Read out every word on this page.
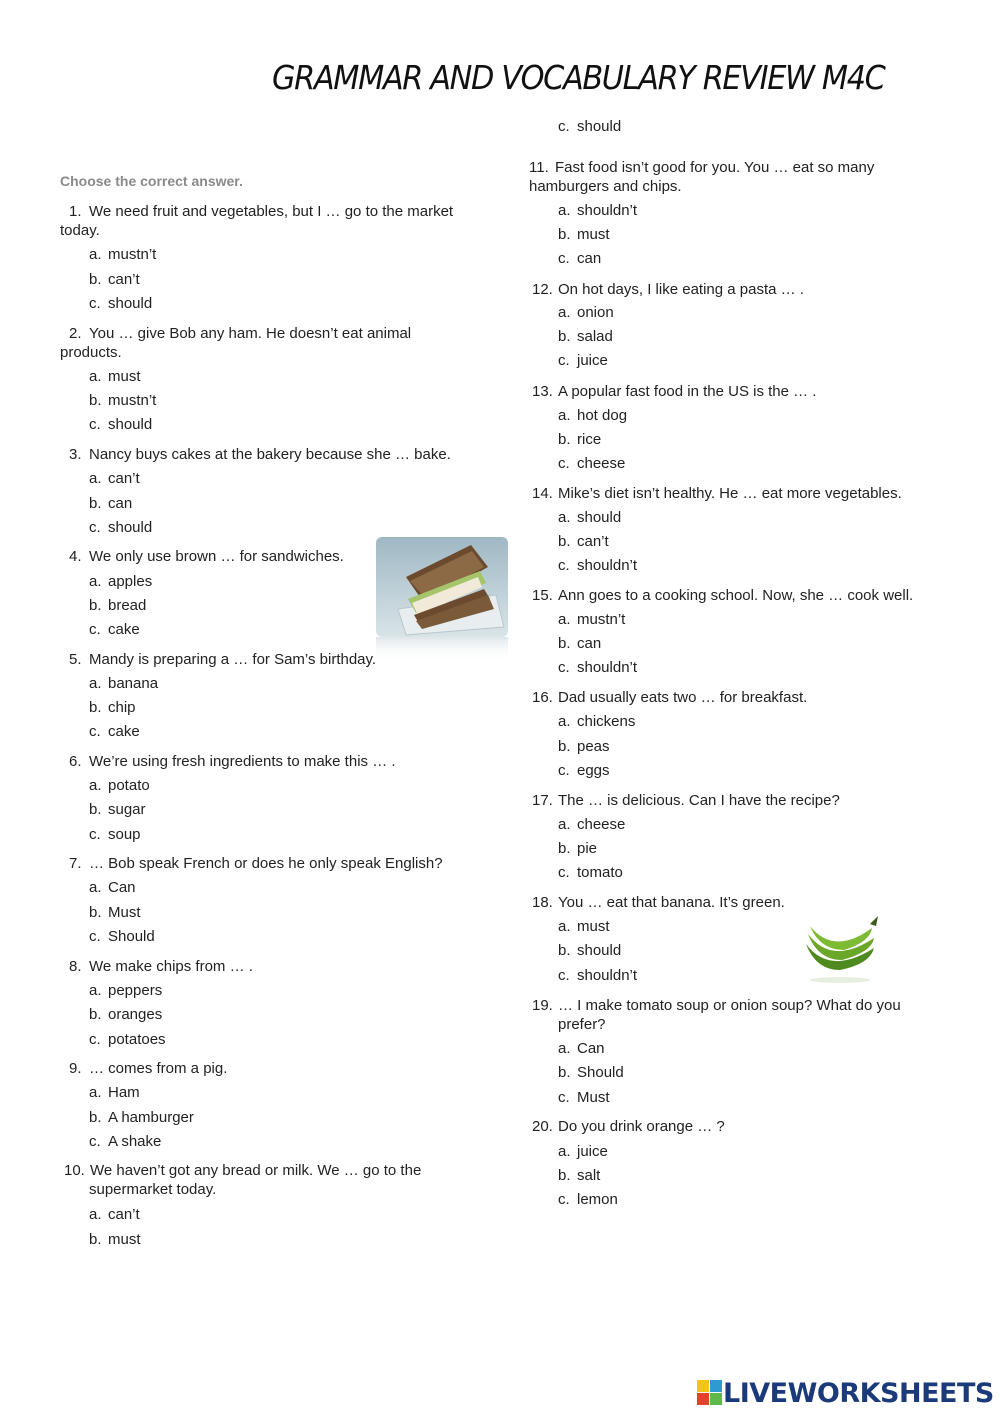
GRAMMAR AND VOCABULARY REVIEW M4C
Choose the correct answer.
1. We need fruit and vegetables, but I … go to the market
today.
a. mustn’t
b. can’t
c. should
2. You … give Bob any ham. He doesn’t eat animal
products.
a. must
b. mustn’t
c. should
3. Nancy buys cakes at the bakery because she … bake.
a. can’t
b. can
c. should
4. We only use brown … for sandwiches.
a. apples
b. bread
c. cake
5. Mandy is preparing a … for Sam’s birthday.
a. banana
b. chip
c. cake
6. We’re using fresh ingredients to make this … .
a. potato
b. sugar
c. soup
7. … Bob speak French or does he only speak English?
a. Can
b. Must
c. Should
8. We make chips from … .
a. peppers
b. oranges
c. potatoes
9. … comes from a pig.
a. Ham
b. A hamburger
c. A shake
10. We haven’t got any bread or milk. We … go to the
supermarket today.
a. can’t
b. must
c. should
11. Fast food isn’t good for you. You … eat so many
hamburgers and chips.
a. shouldn’t
b. must
c. can
12. On hot days, I like eating a pasta … .
a. onion
b. salad
c. juice
13. A popular fast food in the US is the … .
a. hot dog
b. rice
c. cheese
14. Mike’s diet isn’t healthy. He … eat more vegetables.
a. should
b. can’t
c. shouldn’t
15. Ann goes to a cooking school. Now, she … cook well.
a. mustn’t
b. can
c. shouldn’t
16. Dad usually eats two … for breakfast.
a. chickens
b. peas
c. eggs
17. The … is delicious. Can I have the recipe?
a. cheese
b. pie
c. tomato
18. You … eat that banana. It’s green.
a. must
b. should
c. shouldn’t
19. … I make tomato soup or onion soup? What do you
prefer?
a. Can
b. Should
c. Must
20. Do you drink orange … ?
a. juice
b. salt
c. lemon
LIVEWORKSHEETS
